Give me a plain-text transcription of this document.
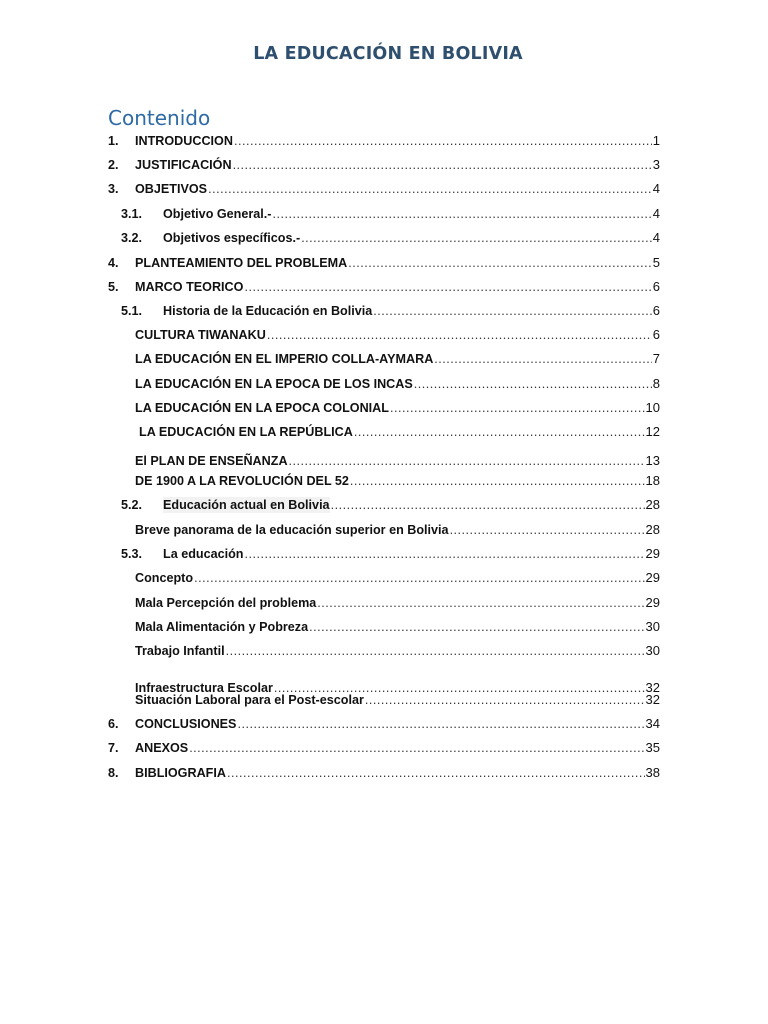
LA EDUCACIÓN EN BOLIVIA
Contenido
1.	INTRODUCCION .....	1
2.	JUSTIFICACIÓN .....	3
3.	OBJETIVOS .....	4
3.1.	Objetivo General.- .....	4
3.2.	Objetivos específicos.- .....	4
4.	PLANTEAMIENTO DEL PROBLEMA .....	5
5.	MARCO TEORICO .....	6
5.1.	Historia de la Educación en Bolivia .....	6
CULTURA TIWANAKU .....	6
LA EDUCACIÓN EN EL IMPERIO COLLA-AYMARA .....	7
LA EDUCACIÓN EN LA EPOCA DE LOS INCAS .....	8
LA EDUCACIÓN EN LA EPOCA COLONIAL .....	10
LA EDUCACIÓN EN LA REPÚBLICA .....	12
El PLAN DE ENSEÑANZA .....	13
DE 1900 A LA REVOLUCIÓN DEL 52 .....	18
5.2.	Educación actual en Bolivia .....	28
Breve panorama de la educación superior en Bolivia .....	28
5.3.	La educación .....	29
Concepto .....	29
Mala Percepción del problema .....	29
Mala Alimentación y Pobreza .....	30
Trabajo Infantil .....	30
Infraestructura Escolar .....	32
Situación Laboral para el Post-escolar .....	32
6.	CONCLUSIONES .....	34
7.	ANEXOS .....	35
8.	BIBLIOGRAFIA .....	38
